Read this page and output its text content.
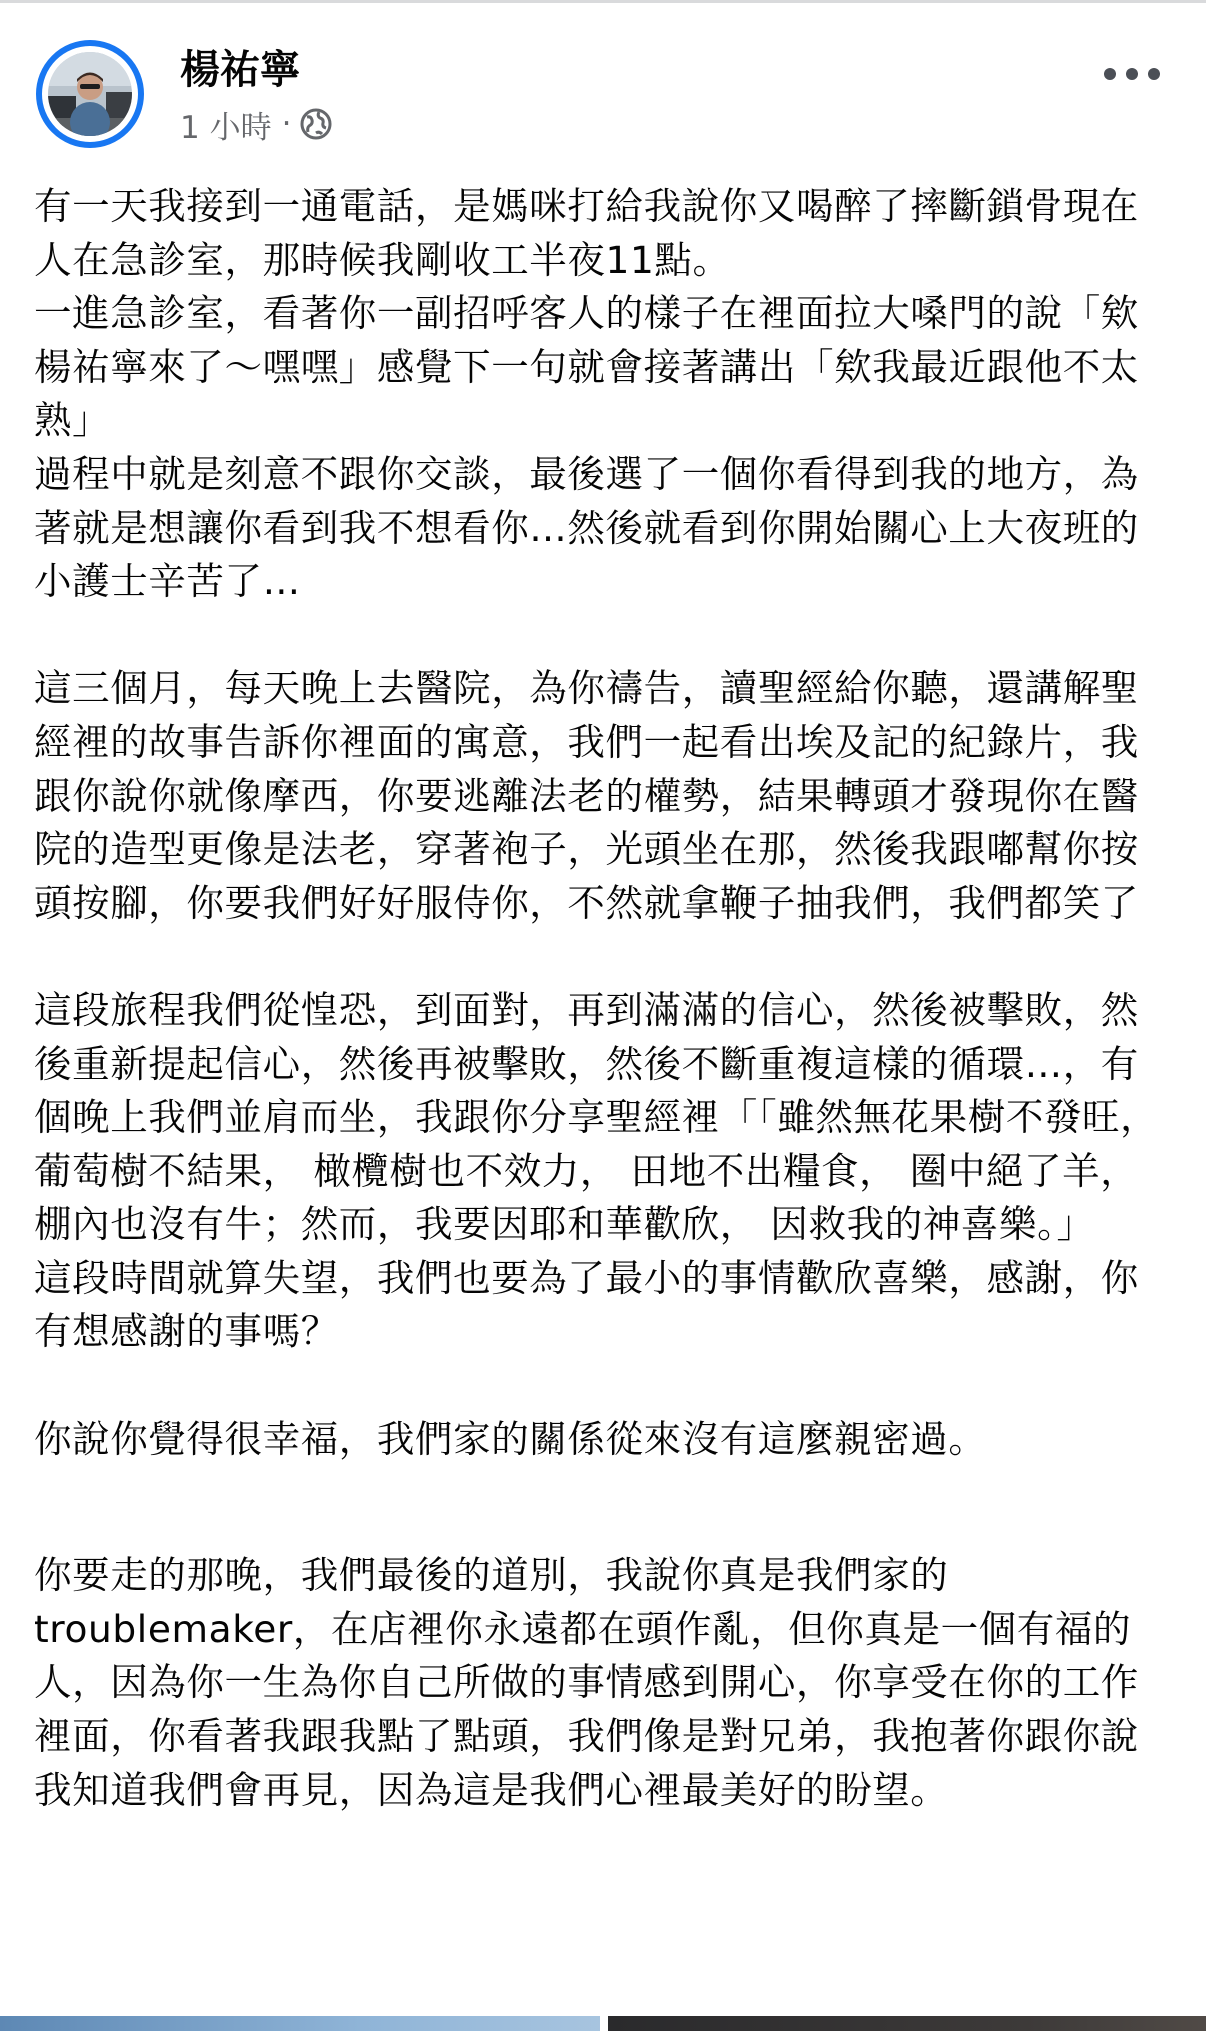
楊祐寧
1 小時 ·

有一天我接到一通電話，是媽咪打給我說你又喝醉了摔斷鎖骨現在人在急診室，那時候我剛收工半夜11點。
一進急診室，看著你一副招呼客人的樣子在裡面拉大嗓門的說「欸楊祐寧來了～嘿嘿」感覺下一句就會接著講出「欸我最近跟他不太熟」
過程中就是刻意不跟你交談，最後選了一個你看得到我的地方，為著就是想讓你看到我不想看你…然後就看到你開始關心上大夜班的小護士辛苦了…

這三個月，每天晚上去醫院，為你禱告，讀聖經給你聽，還講解聖經裡的故事告訴你裡面的寓意，我們一起看出埃及記的紀錄片，我跟你說你就像摩西，你要逃離法老的權勢，結果轉頭才發現你在醫院的造型更像是法老，穿著袍子，光頭坐在那，然後我跟嘟幫你按頭按腳，你要我們好好服侍你，不然就拿鞭子抽我們，我們都笑了

這段旅程我們從惶恐，到面對，再到滿滿的信心，然後被擊敗，然後重新提起信心，然後再被擊敗，然後不斷重複這樣的循環…，有個晚上我們並肩而坐，我跟你分享聖經裡「「雖然無花果樹不發旺， 葡萄樹不結果， 橄欖樹也不效力， 田地不出糧食， 圈中絕了羊， 棚內也沒有牛；然而，我要因耶和華歡欣， 因救我的神喜樂。」
這段時間就算失望，我們也要為了最小的事情歡欣喜樂，感謝，你有想感謝的事嗎？

你說你覺得很幸福，我們家的關係從來沒有這麼親密過。

你要走的那晚，我們最後的道別，我說你真是我們家的troublemaker，在店裡你永遠都在頭作亂，但你真是一個有福的人，因為你一生為你自己所做的事情感到開心，你享受在你的工作裡面，你看著我跟我點了點頭，我們像是對兄弟，我抱著你跟你說我知道我們會再見，因為這是我們心裡最美好的盼望。
